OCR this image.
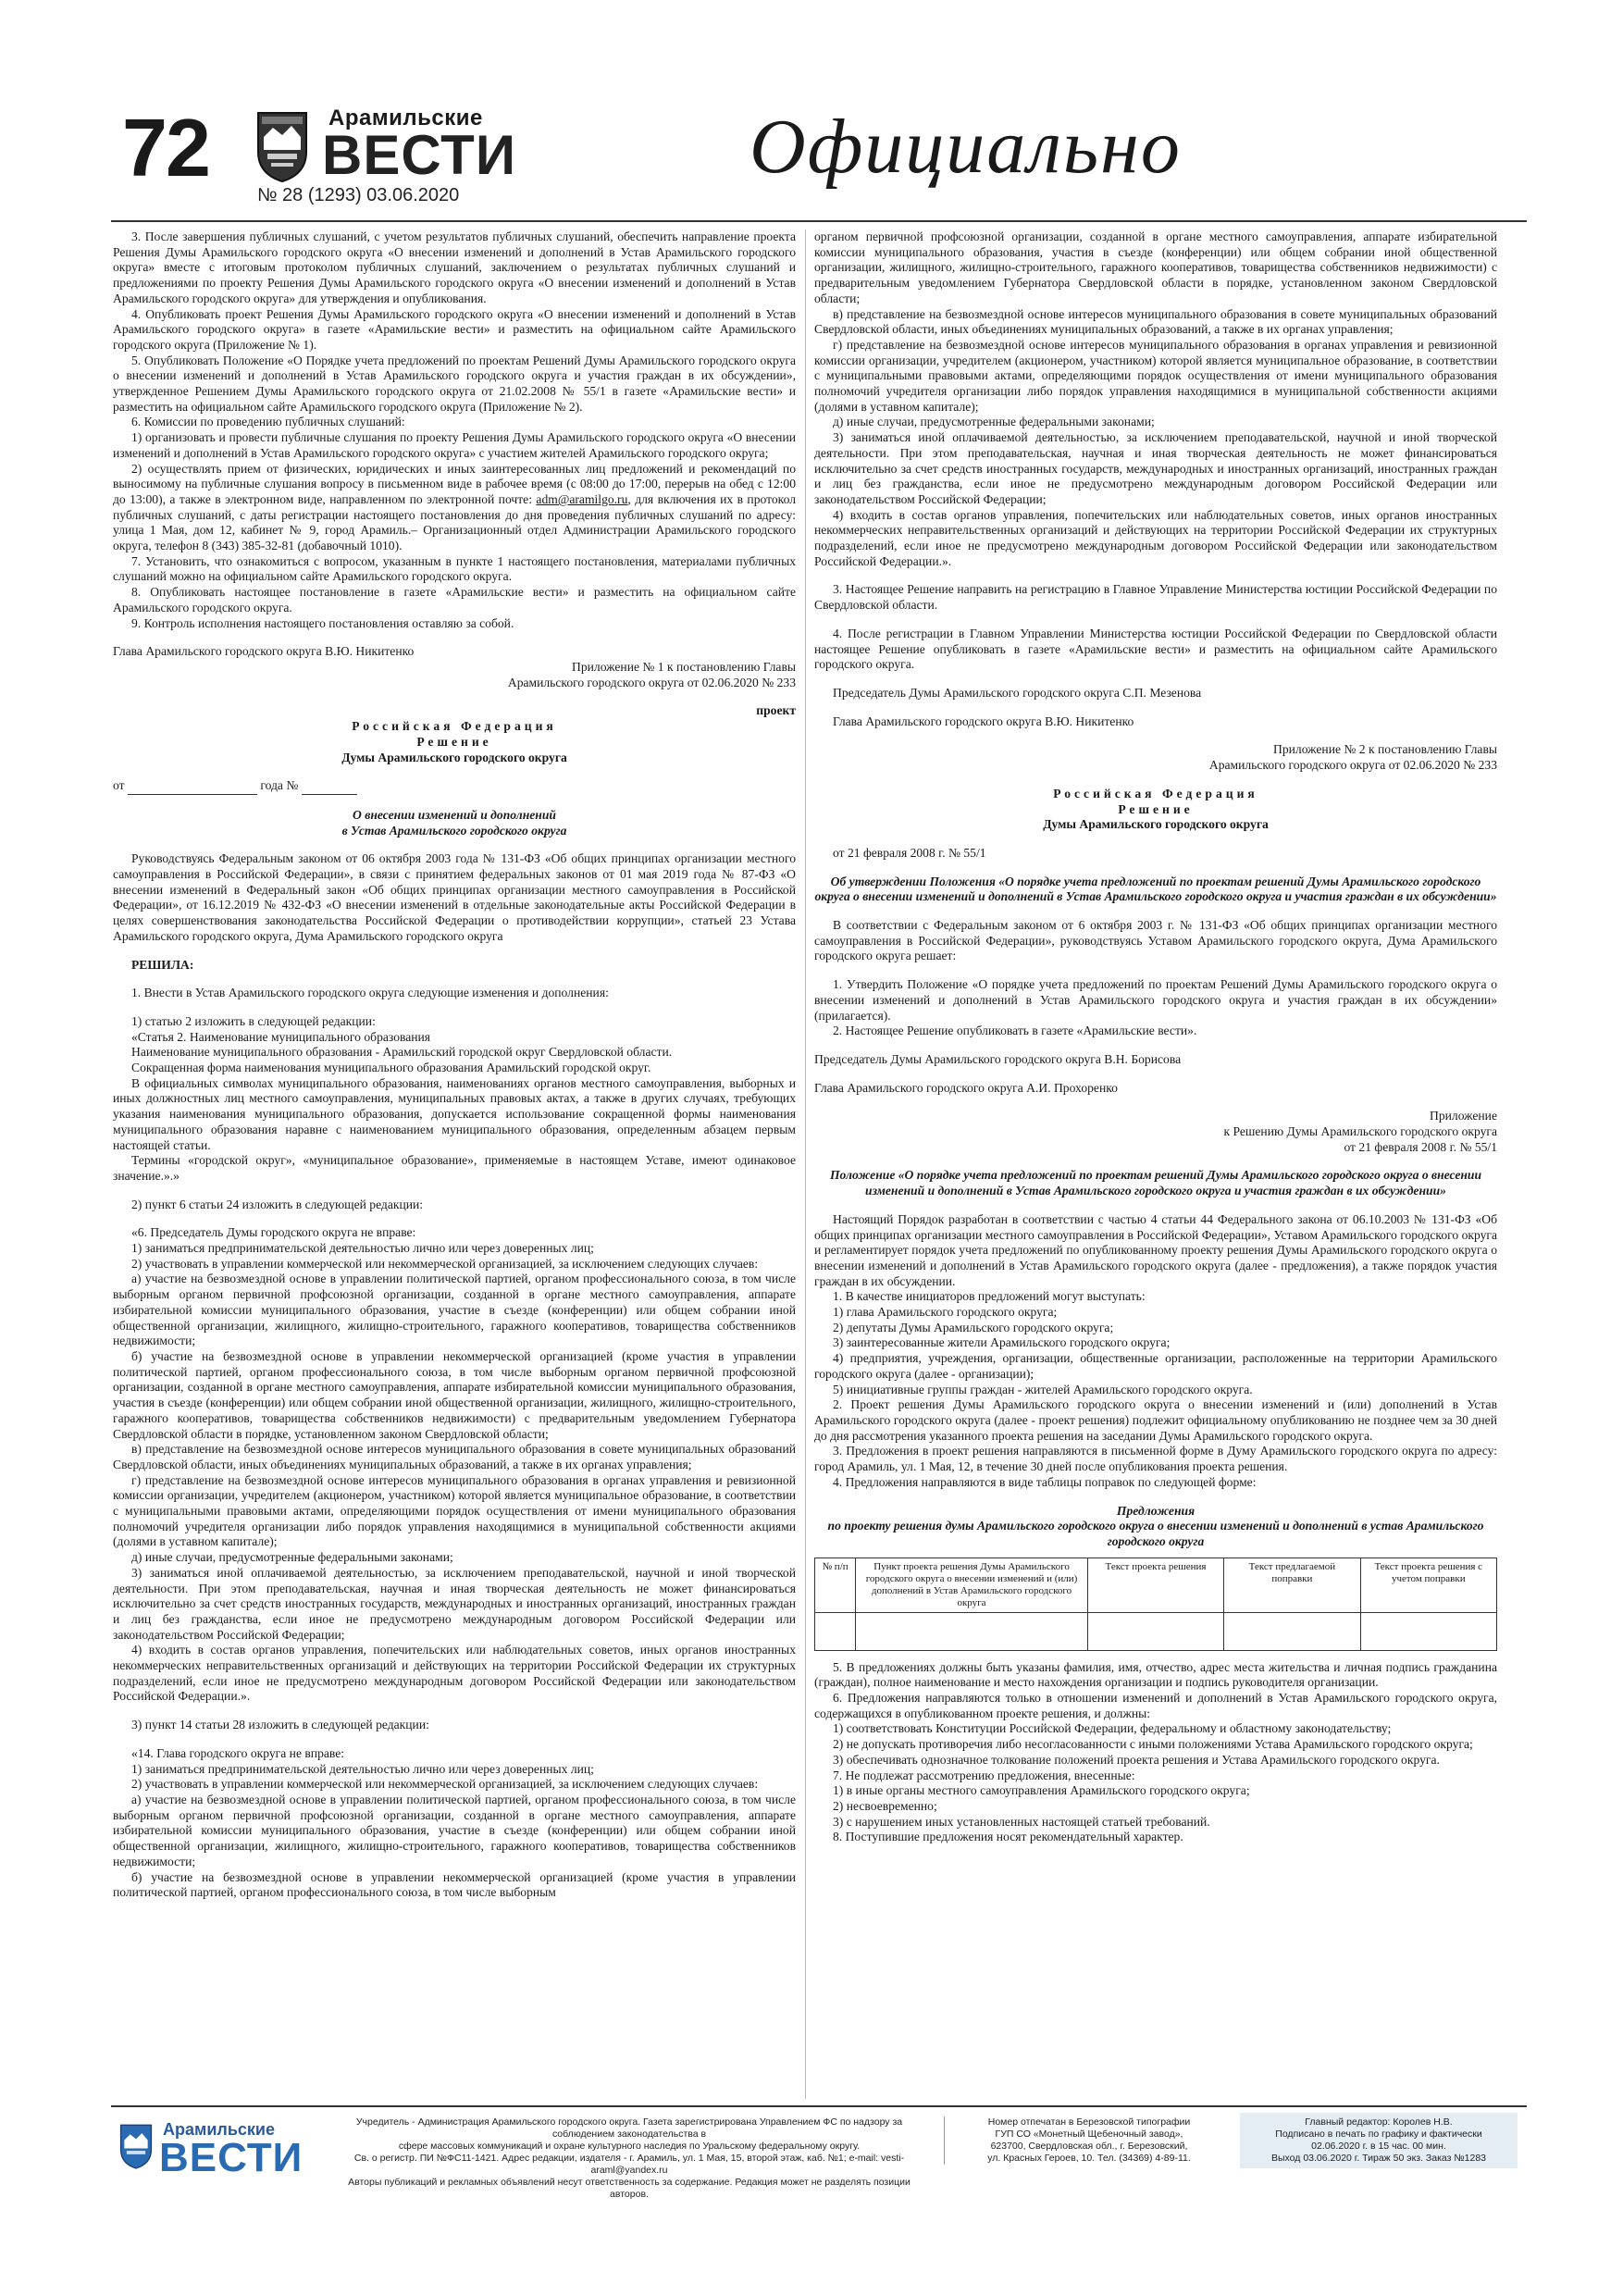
72	Арамильские
ВЕСТИ
№ 28 (1293) 03.06.2020
Официально

3. После завершения публичных слушаний, с учетом результатов публичных слушаний, обеспечить направление проекта Решения Думы Арамильского городского округа «О внесении изменений и дополнений в Устав Арамильского городского округа» вместе с итоговым протоколом публичных слушаний, заключением о результатах публичных слушаний и предложениями по проекту Решения Думы Арамильского городского округа «О внесении изменений и дополнений в Устав Арамильского городского округа» для утверждения и опубликования.

4. Опубликовать проект Решения Думы Арамильского городского округа «О внесении изменений и дополнений в Устав Арамильского городского округа» в газете «Арамильские вести» и разместить на официальном сайте Арамильского городского округа (Приложение № 1).

5. Опубликовать Положение «О Порядке учета предложений по проектам Решений Думы Арамильского городского округа о внесении изменений и дополнений в Устав Арамильского городского округа и участия граждан в их обсуждении», утвержденное Решением Думы Арамильского городского округа от 21.02.2008 № 55/1 в газете «Арамильские вести» и разместить на официальном сайте Арамильского городского округа (Приложение № 2).

6. Комиссии по проведению публичных слушаний:

1) организовать и провести публичные слушания по проекту Решения Думы Арамильского городского округа «О внесении изменений и дополнений в Устав Арамильского городского округа» с участием жителей Арамильского городского округа;

2) осуществлять прием от физических, юридических и иных заинтересованных лиц предложений и рекомендаций по выносимому на публичные слушания вопросу в письменном виде в рабочее время (с 08:00 до 17:00, перерыв на обед с 12:00 до 13:00), а также в электронном виде, направленном по электронной почте: adm@aramilgo.ru, для включения их в протокол публичных слушаний, с даты регистрации настоящего постановления до дня проведения публичных слушаний по адресу: улица 1 Мая, дом 12, кабинет № 9, город Арамиль.– Организационный отдел Администрации Арамильского городского округа, телефон 8 (343) 385-32-81 (добавочный 1010).

7. Установить, что ознакомиться с вопросом, указанным в пункте 1 настоящего постановления, материалами публичных слушаний можно на официальном сайте Арамильского городского округа.

8. Опубликовать настоящее постановление в газете «Арамильские вести» и разместить на официальном сайте Арамильского городского округа.

9. Контроль исполнения настоящего постановления оставляю за собой.

Глава Арамильского городского округа В.Ю. Никитенко

Приложение № 1 к постановлению Главы

Арамильского городского округа от 02.06.2020 № 233

проект

Российская Федерация

Решение

Думы Арамильского городского округа

от	года №

О внесении изменений и дополнений

в Устав Арамильского городского округа

Руководствуясь Федеральным законом от 06 октября 2003 года № 131-ФЗ «Об общих принципах организации местного самоуправления в Российской Федерации», в связи с принятием федеральных законов от 01 мая 2019 года № 87-ФЗ «О внесении изменений в Федеральный закон «Об общих принципах организации местного самоуправления в Российской Федерации», от 16.12.2019 № 432-ФЗ «О внесении изменений в отдельные законодательные акты Российской Федерации в целях совершенствования законодательства Российской Федерации о противодействии коррупции», статьей 23 Устава Арамильского городского округа, Дума Арамильского городского округа

РЕШИЛА:

1. Внести в Устав Арамильского городского округа следующие изменения и дополнения:

1) статью 2 изложить в следующей редакции:

«Статья 2. Наименование муниципального образования

Наименование муниципального образования - Арамильский городской округ Свердловской области.

Сокращенная форма наименования муниципального образования Арамильский городской округ.

В официальных символах муниципального образования, наименованиях органов местного самоуправления, выборных и иных должностных лиц местного самоуправления, муниципальных правовых актах, а также в других случаях, требующих указания наименования муниципального образования, допускается использование сокращенной формы наименования муниципального образования наравне с наименованием муниципального образования, определенным абзацем первым настоящей статьи.

Термины «городской округ», «муниципальное образование», применяемые в настоящем Уставе, имеют одинаковое значение.».»

2) пункт 6 статьи 24 изложить в следующей редакции:

«6. Председатель Думы городского округа не вправе:

1) заниматься предпринимательской деятельностью лично или через доверенных лиц;

2) участвовать в управлении коммерческой или некоммерческой организацией, за исключением следующих случаев:

а) участие на безвозмездной основе в управлении политической партией, органом профессионального союза, в том числе выборным органом первичной профсоюзной организации, созданной в органе местного самоуправления, аппарате избирательной комиссии муниципального образования, участие в съезде (конференции) или общем собрании иной общественной организации, жилищного, жилищно-строительного, гаражного кооперативов, товарищества собственников недвижимости;

б) участие на безвозмездной основе в управлении некоммерческой организацией (кроме участия в управлении политической партией, органом профессионального союза, в том числе выборным органом первичной профсоюзной организации, созданной в органе местного самоуправления, аппарате избирательной комиссии муниципального образования, участия в съезде (конференции) или общем собрании иной общественной организации, жилищного, жилищно-строительного, гаражного кооперативов, товарищества собственников недвижимости) с предварительным уведомлением Губернатора Свердловской области в порядке, установленном законом Свердловской области;

в) представление на безвозмездной основе интересов муниципального образования в совете муниципальных образований Свердловской области, иных объединениях муниципальных образований, а также в их органах управления;

г) представление на безвозмездной основе интересов муниципального образования в органах управления и ревизионной комиссии организации, учредителем (акционером, участником) которой является муниципальное образование, в соответствии с муниципальными правовыми актами, определяющими порядок осуществления от имени муниципального образования полномочий учредителя организации либо порядок управления находящимися в муниципальной собственности акциями (долями в уставном капитале);

д) иные случаи, предусмотренные федеральными законами;

3) заниматься иной оплачиваемой деятельностью, за исключением преподавательской, научной и иной творческой деятельности. При этом преподавательская, научная и иная творческая деятельность не может финансироваться исключительно за счет средств иностранных государств, международных и иностранных организаций, иностранных граждан и лиц без гражданства, если иное не предусмотрено международным договором Российской Федерации или законодательством Российской Федерации;

4) входить в состав органов управления, попечительских или наблюдательных советов, иных органов иностранных некоммерческих неправительственных организаций и действующих на территории Российской Федерации их структурных подразделений, если иное не предусмотрено международным договором Российской Федерации или законодательством Российской Федерации.».

3) пункт 14 статьи 28 изложить в следующей редакции:

«14. Глава городского округа не вправе:

1) заниматься предпринимательской деятельностью лично или через доверенных лиц;

2) участвовать в управлении коммерческой или некоммерческой организацией, за исключением следующих случаев:

а) участие на безвозмездной основе в управлении политической партией, органом профессионального союза, в том числе выборным органом первичной профсоюзной организации, созданной в органе местного самоуправления, аппарате избирательной комиссии муниципального образования, участие в съезде (конференции) или общем собрании иной общественной организации, жилищного, жилищно-строительного, гаражного кооперативов, товарищества собственников недвижимости;

б) участие на безвозмездной основе в управлении некоммерческой организацией (кроме участия в управлении политической партией, органом профессионального союза, в том числе выборным

органом первичной профсоюзной организации, созданной в органе местного самоуправления, аппарате избирательной комиссии муниципального образования, участия в съезде (конференции) или общем собрании иной общественной организации, жилищного, жилищно-строительного, гаражного кооперативов, товарищества собственников недвижимости) с предварительным уведомлением Губернатора Свердловской области в порядке, установленном законом Свердловской области;

в) представление на безвозмездной основе интересов муниципального образования в совете муниципальных образований Свердловской области, иных объединениях муниципальных образований, а также в их органах управления;

г) представление на безвозмездной основе интересов муниципального образования в органах управления и ревизионной комиссии организации, учредителем (акционером, участником) которой является муниципальное образование, в соответствии с муниципальными правовыми актами, определяющими порядок осуществления от имени муниципального образования полномочий учредителя организации либо порядок управления находящимися в муниципальной собственности акциями (долями в уставном капитале);

д) иные случаи, предусмотренные федеральными законами;

3) заниматься иной оплачиваемой деятельностью, за исключением преподавательской, научной и иной творческой деятельности. При этом преподавательская, научная и иная творческая деятельность не может финансироваться исключительно за счет средств иностранных государств, международных и иностранных организаций, иностранных граждан и лиц без гражданства, если иное не предусмотрено международным договором Российской Федерации или законодательством Российской Федерации;

4) входить в состав органов управления, попечительских или наблюдательных советов, иных органов иностранных некоммерческих неправительственных организаций и действующих на территории Российской Федерации их структурных подразделений, если иное не предусмотрено международным договором Российской Федерации или законодательством Российской Федерации.».

3. Настоящее Решение направить на регистрацию в Главное Управление Министерства юстиции Российской Федерации по Свердловской области.

4. После регистрации в Главном Управлении Министерства юстиции Российской Федерации по Свердловской области настоящее Решение опубликовать в газете «Арамильские вести» и разместить на официальном сайте Арамильского городского округа.

Председатель Думы Арамильского городского округа С.П. Мезенова

Глава Арамильского городского округа В.Ю. Никитенко

Приложение № 2 к постановлению Главы

Арамильского городского округа от 02.06.2020 № 233

Российская Федерация

Решение

Думы Арамильского городского округа

от 21 февраля 2008 г. № 55/1

Об утверждении Положения «О порядке учета предложений по проектам решений Думы Арамильского городского округа о внесении изменений и дополнений в Устав Арамильского городского округа и участия граждан в их обсуждении»

В соответствии с Федеральным законом от 6 октября 2003 г. № 131-ФЗ «Об общих принципах организации местного самоуправления в Российской Федерации», руководствуясь Уставом Арамильского городского округа, Дума Арамильского городского округа решает:

1. Утвердить Положение «О порядке учета предложений по проектам Решений Думы Арамильского городского округа о внесении изменений и дополнений в Устав Арамильского городского округа и участия граждан в их обсуждении» (прилагается).

2. Настоящее Решение опубликовать в газете «Арамильские вести».

Председатель Думы Арамильского городского округа В.Н. Борисова

Глава Арамильского городского округа А.И. Прохоренко

Приложение

к Решению Думы Арамильского городского округа

от 21 февраля 2008 г. № 55/1

Положение «О порядке учета предложений по проектам решений Думы Арамильского городского округа о внесении изменений и дополнений в Устав Арамильского городского округа и участия граждан в их обсуждении»

Настоящий Порядок разработан в соответствии с частью 4 статьи 44 Федерального закона от 06.10.2003 № 131-ФЗ «Об общих принципах организации местного самоуправления в Российской Федерации», Уставом Арамильского городского округа и регламентирует порядок учета предложений по опубликованному проекту решения Думы Арамильского городского округа о внесении изменений и дополнений в Устав Арамильского городского округа (далее - предложения), а также порядок участия граждан в их обсуждении.

1. В качестве инициаторов предложений могут выступать:

1) глава Арамильского городского округа;

2) депутаты Думы Арамильского городского округа;

3) заинтересованные жители Арамильского городского округа;

4) предприятия, учреждения, организации, общественные организации, расположенные на территории Арамильского городского округа (далее - организации);

5) инициативные группы граждан - жителей Арамильского городского округа.

2. Проект решения Думы Арамильского городского округа о внесении изменений и (или) дополнений в Устав Арамильского городского округа (далее - проект решения) подлежит официальному опубликованию не позднее чем за 30 дней до дня рассмотрения указанного проекта решения на заседании Думы Арамильского городского округа.

3. Предложения в проект решения направляются в письменной форме в Думу Арамильского городского округа по адресу: город Арамиль, ул. 1 Мая, 12, в течение 30 дней после опубликования проекта решения.

4. Предложения направляются в виде таблицы поправок по следующей форме:

Предложения

по проекту решения думы Арамильского городского округа о внесении изменений и дополнений в устав Арамильского городского округа

№ п/п	Пункт проекта решения Думы Арамильского городского округа о внесении изменений и (или) дополнений в Устав Арамильского городского округа	Текст проекта решения	Текст предлагаемой поправки	Текст проекта решения с учетом поправки

5. В предложениях должны быть указаны фамилия, имя, отчество, адрес места жительства и личная подпись гражданина (граждан), полное наименование и место нахождения организации и подпись руководителя организации.

6. Предложения направляются только в отношении изменений и дополнений в Устав Арамильского городского округа, содержащихся в опубликованном проекте решения, и должны:

1) соответствовать Конституции Российской Федерации, федеральному и областному законодательству;

2) не допускать противоречия либо несогласованности с иными положениями Устава Арамильского городского округа;

3) обеспечивать однозначное толкование положений проекта решения и Устава Арамильского городского округа.

7. Не подлежат рассмотрению предложения, внесенные:

1) в иные органы местного самоуправления Арамильского городского округа;

2) несвоевременно;

3) с нарушением иных установленных настоящей статьей требований.

8. Поступившие предложения носят рекомендательный характер.

Арамильские
ВЕСТИ
Учредитель - Администрация Арамильского городского округа. Газета зарегистрирована Управлением ФС по надзору за соблюдением законодательства в
сфере массовых коммуникаций и охране культурного наследия по Уральскому федеральному округу.
Св. о регистр. ПИ №ФС11-1421. Адрес редакции, издателя - г. Арамиль, ул. 1 Мая, 15, второй этаж, каб. №1; e-mail: vesti-araml@yandex.ru
Авторы публикаций и рекламных объявлений несут ответственность за содержание. Редакция может не разделять позиции авторов.
Номер отпечатан в Березовской типографии
ГУП СО «Монетный Щебеночный завод»,
623700, Свердловская обл., г. Березовский,
ул. Красных Героев, 10. Тел. (34369) 4-89-11.
Главный редактор: Королев Н.В.
Подписано в печать по графику и фактически
02.06.2020 г. в 15 час. 00 мин.
Выход 03.06.2020 г. Тираж 50 экз. Заказ №1283
